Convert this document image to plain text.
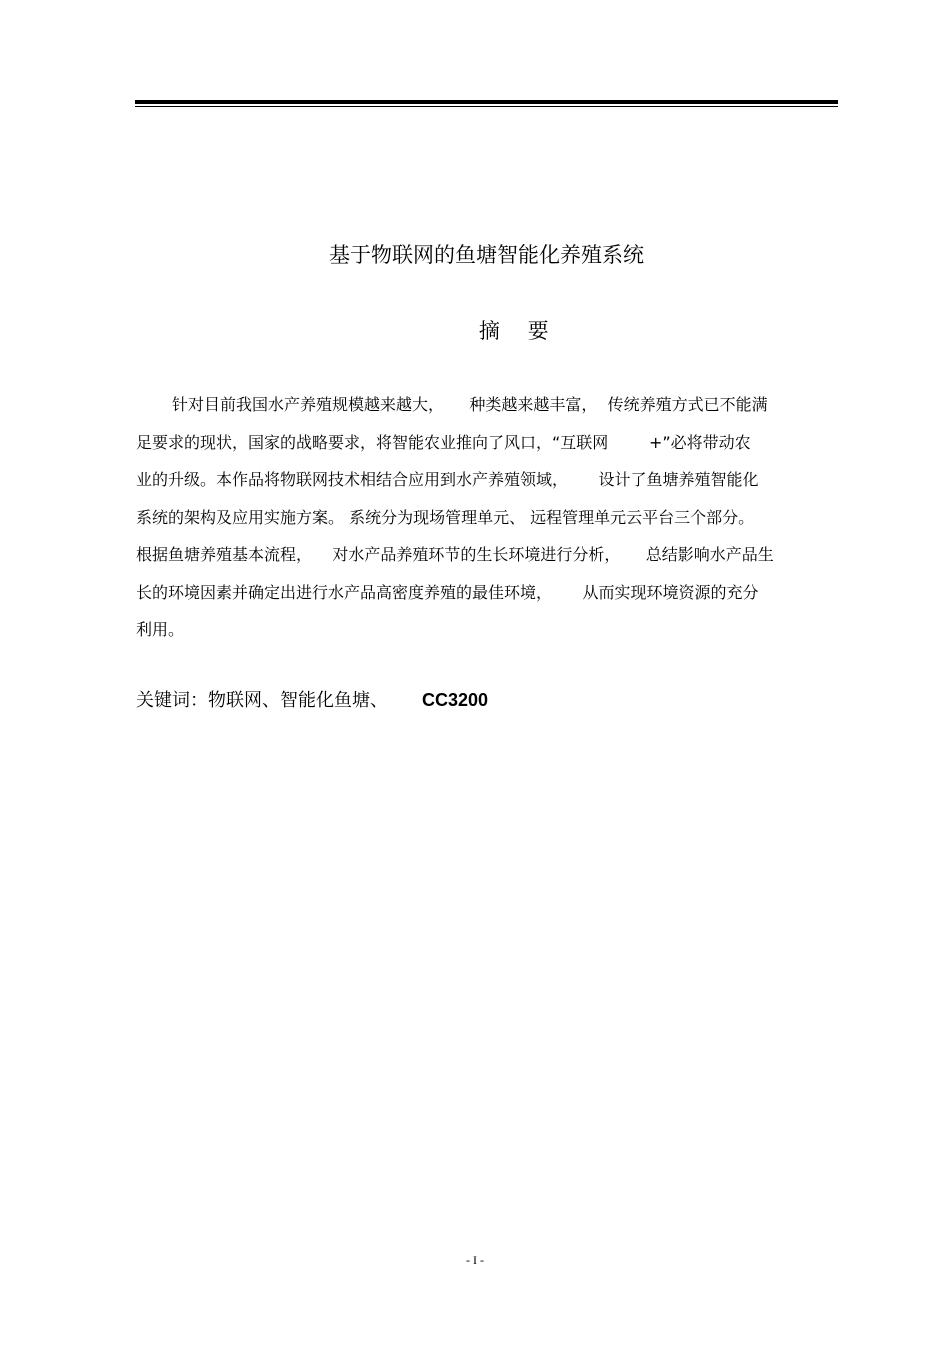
基于物联网的鱼塘智能化养殖系统
摘 要
针对目前我国水产养殖规模越来越大，     种类越来越丰富，  传统养殖方式已不能满
足要求的现状，国家的战略要求，将智能农业推向了风口，“互联网        +”必将带动农
业的升级。本作品将物联网技术相结合应用到水产养殖领域，      设计了鱼塘养殖智能化
系统的架构及应用实施方案。 系统分为现场管理单元、 远程管理单元云平台三个部分。
根据鱼塘养殖基本流程，    对水产品养殖环节的生长环境进行分析，     总结影响水产品生
长的环境因素并确定出进行水产品高密度养殖的最佳环境，      从而实现环境资源的充分
利用。
关键词：物联网、智能化鱼塘、 CC3200
- I -
